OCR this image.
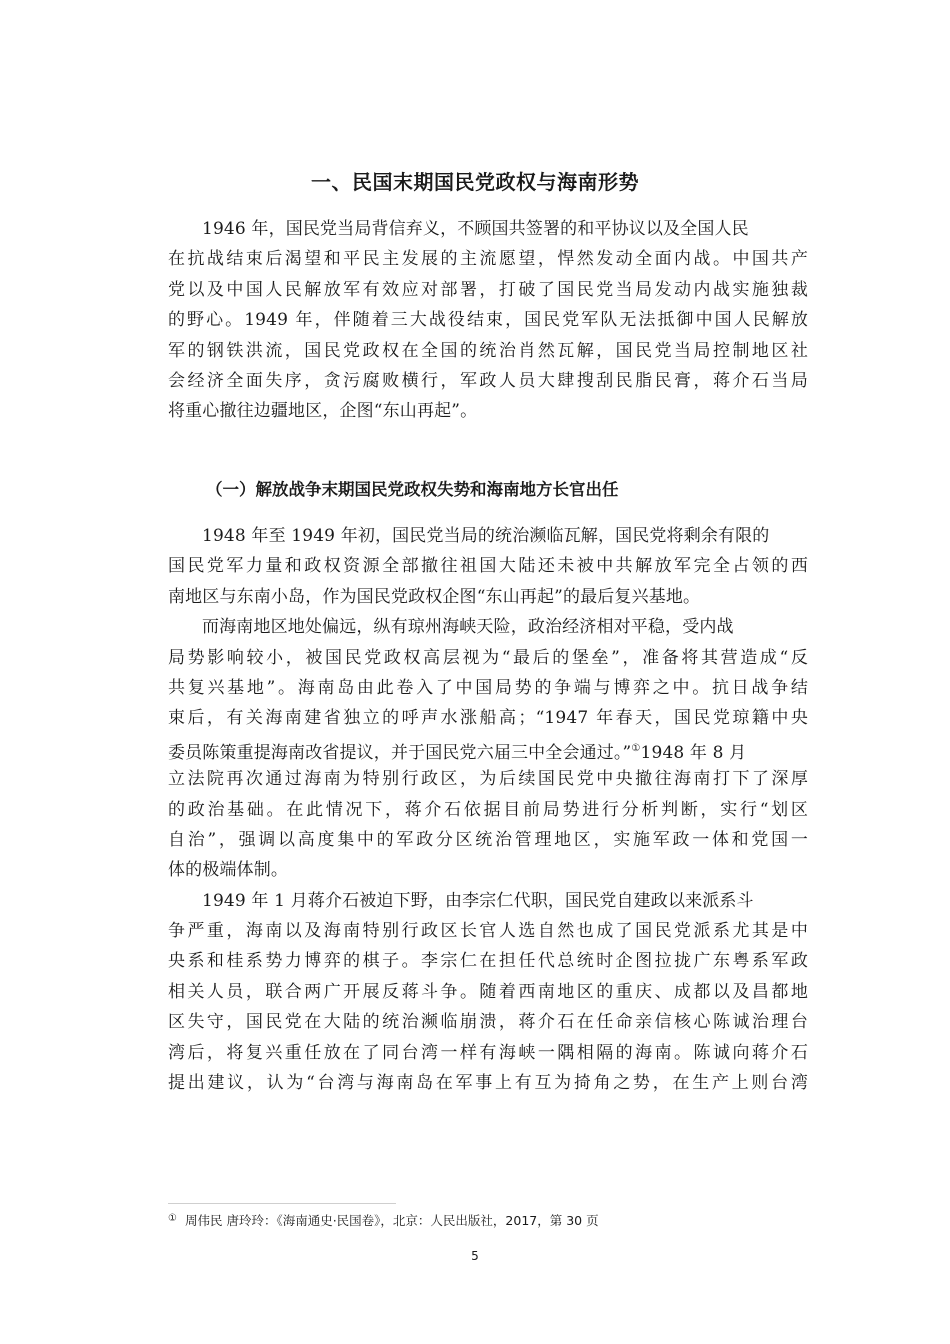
一、民国末期国民党政权与海南形势
1946 年，国民党当局背信弃义，不顾国共签署的和平协议以及全国人民
在抗战结束后渴望和平民主发展的主流愿望，悍然发动全面内战。中国共产
党以及中国人民解放军有效应对部署，打破了国民党当局发动内战实施独裁
的野心。1949 年，伴随着三大战役结束，国民党军队无法抵御中国人民解放
军的钢铁洪流，国民党政权在全国的统治肖然瓦解，国民党当局控制地区社
会经济全面失序，贪污腐败横行，军政人员大肆搜刮民脂民膏，蒋介石当局
将重心撤往边疆地区，企图“东山再起”。
（一）解放战争末期国民党政权失势和海南地方长官出任
1948 年至 1949 年初，国民党当局的统治濒临瓦解，国民党将剩余有限的
国民党军力量和政权资源全部撤往祖国大陆还未被中共解放军完全占领的西
南地区与东南小岛，作为国民党政权企图“东山再起”的最后复兴基地。
而海南地区地处偏远，纵有琼州海峡天险，政治经济相对平稳，受内战
局势影响较小，被国民党政权高层视为“最后的堡垒”，准备将其营造成“反
共复兴基地”。海南岛由此卷入了中国局势的争端与博弈之中。抗日战争结
束后，有关海南建省独立的呼声水涨船高；“1947 年春天，国民党琼籍中央
委员陈策重提海南改省提议，并于国民党六届三中全会通过。”①1948 年 8 月
立法院再次通过海南为特别行政区，为后续国民党中央撤往海南打下了深厚
的政治基础。在此情况下，蒋介石依据目前局势进行分析判断，实行“划区
自治”，强调以高度集中的军政分区统治管理地区，实施军政一体和党国一
体的极端体制。
1949 年 1 月蒋介石被迫下野，由李宗仁代职，国民党自建政以来派系斗
争严重，海南以及海南特别行政区长官人选自然也成了国民党派系尤其是中
央系和桂系势力博弈的棋子。李宗仁在担任代总统时企图拉拢广东粤系军政
相关人员，联合两广开展反蒋斗争。随着西南地区的重庆、成都以及昌都地
区失守，国民党在大陆的统治濒临崩溃，蒋介石在任命亲信核心陈诚治理台
湾后，将复兴重任放在了同台湾一样有海峡一隅相隔的海南。陈诚向蒋介石
提出建议，认为“台湾与海南岛在军事上有互为掎角之势，在生产上则台湾
① 周伟民 唐玲玲：《海南通史·民国卷》，北京：人民出版社，2017，第 30 页
5
